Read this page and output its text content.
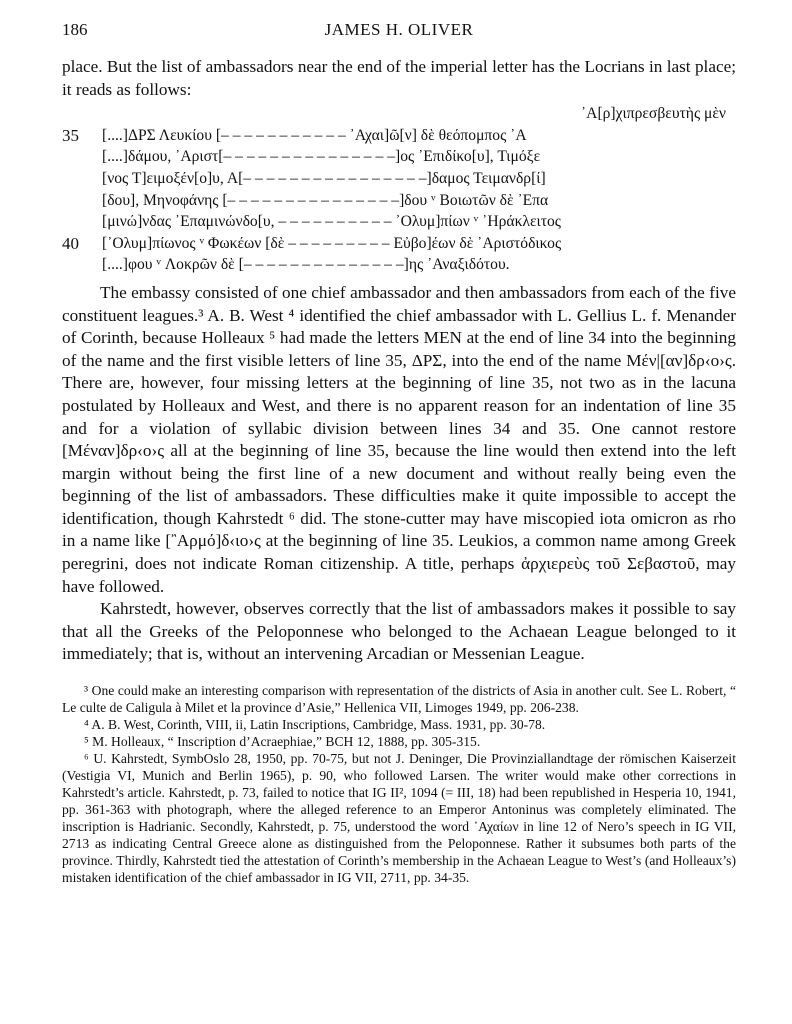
186	JAMES H. OLIVER

place. But the list of ambassadors near the end of the imperial letter has the Locrians in last place; it reads as follows:

᾿Α[ρ]χιπρεσβευτὴς μὲν
35	[....]ΔΡΣ Λευκίου [– – – – – – – – – – – ᾿Αχαι]ῶ[ν] δὲ θεόπομπος ᾿Α
[....]δάμου, ᾿Αριστ[– – – – – – – – – – – – – – –]ος ᾿Επιδίκο[υ], Τιμόξε
[νος Τ]ειμοξέν[ο]υ, Α[– – – – – – – – – – – – – – – –]δαμος Τειμανδρ[ί]
[δου], Μηνοφάνης [– – – – – – – – – – – – – – –]δου ᵛ Βοιωτῶν δὲ ᾿Επα
[μινώ]νδας ᾿Επαμινώνδο[υ, – – – – – – – – – – ᾿Ολυμ]πίων ᵛ ᾿Ηράκλειτος
40	[᾿Ολυμ]πίωνος ᵛ Φωκέων [δὲ – – – – – – – – – Εὐβο]έων δὲ ᾿Αριστόδικος
[....]φου ᵛ Λοκρῶν δὲ [– – – – – – – – – – – – – –]ης ᾿Αναξιδότου.

The embassy consisted of one chief ambassador and then ambassadors from each of the five constituent leagues.³ A. B. West ⁴ identified the chief ambassador with L. Gellius L. f. Menander of Corinth, because Holleaux ⁵ had made the letters MEN at the end of line 34 into the beginning of the name and the first visible letters of line 35, ΔΡΣ, into the end of the name Μέν|[αν]δρ‹ο›ς. There are, however, four missing letters at the beginning of line 35, not two as in the lacuna postulated by Holleaux and West, and there is no apparent reason for an indentation of line 35 and for a violation of syllabic division between lines 34 and 35. One cannot restore [Μέναν]δρ‹ο›ς all at the beginning of line 35, because the line would then extend into the left margin without being the first line of a new document and without really being even the beginning of the list of ambassadors. These difficulties make it quite impossible to accept the identification, though Kahrstedt ⁶ did. The stone-cutter may have miscopied iota omicron as rho in a name like [῍Αρμό]δ‹ιο›ς at the beginning of line 35. Leukios, a common name among Greek peregrini, does not indicate Roman citizenship. A title, perhaps ἀρχιερεὺς τοῦ Σεβαστοῦ, may have followed.

Kahrstedt, however, observes correctly that the list of ambassadors makes it possible to say that all the Greeks of the Peloponnese who belonged to the Achaean League belonged to it immediately; that is, without an intervening Arcadian or Messenian League.

³ One could make an interesting comparison with representation of the districts of Asia in another cult. See L. Robert, “ Le culte de Caligula à Milet et la province d’Asie,” Hellenica VII, Limoges 1949, pp. 206-238.

⁴ A. B. West, Corinth, VIII, ii, Latin Inscriptions, Cambridge, Mass. 1931, pp. 30-78.

⁵ M. Holleaux, “ Inscription d’Acraephiae,” BCH 12, 1888, pp. 305-315.

⁶ U. Kahrstedt, SymbOslo 28, 1950, pp. 70-75, but not J. Deninger, Die Provinziallandtage der römischen Kaiserzeit (Vestigia VI, Munich and Berlin 1965), p. 90, who followed Larsen. The writer would make other corrections in Kahrstedt’s article. Kahrstedt, p. 73, failed to notice that IG II², 1094 (= III, 18) had been republished in Hesperia 10, 1941, pp. 361-363 with photograph, where the alleged reference to an Emperor Antoninus was completely eliminated. The inscription is Hadrianic. Secondly, Kahrstedt, p. 75, understood the word ᾿Αχαίων in line 12 of Nero’s speech in IG VII, 2713 as indicating Central Greece alone as distinguished from the Peloponnese. Rather it subsumes both parts of the province. Thirdly, Kahrstedt tied the attestation of Corinth’s membership in the Achaean League to West’s (and Holleaux’s) mistaken identification of the chief ambassador in IG VII, 2711, pp. 34-35.
